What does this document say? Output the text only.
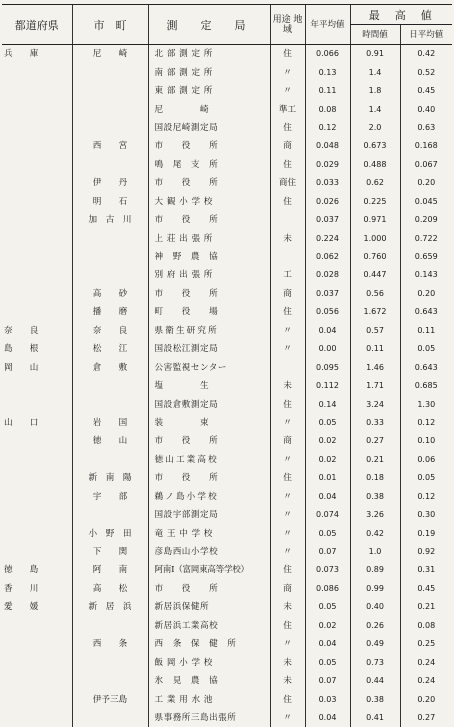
都道府県	市　町	測　定　局	用途 地域	年平均値	最　高　値	
					時間値	日平均値
兵　　庫	尼　　崎	北 部 測 定 所	住	0.066	0.91	0.42
		南 部 測 定 所	〃	0.13	1.4	0.52
		東 部 測 定 所	〃	0.11	1.8	0.45
		尼　　　　崎	準工	0.08	1.4	0.40
		国設尼崎測定局	住	0.12	2.0	0.63
	西　　宮	市　　役　　所	商	0.048	0.673	0.168
		鳴　尾　支　所	住	0.029	0.488	0.067
	伊　　丹	市　　役　　所	商住	0.033	0.62	0.20
	明　　石	大 観 小 学 校	住	0.026	0.225	0.045
	加　古　川	市　　役　　所		0.037	0.971	0.209
		上 荘 出 張 所	未	0.224	1.000	0.722
		神　野　農　協		0.062	0.760	0.659
		別 府 出 張 所	工	0.028	0.447	0.143
	高　　砂	市　　役　　所	商	0.037	0.56	0.20
	播　　磨	町　　役　　場	住	0.056	1.672	0.643
奈　　良	奈　　良	県 衛 生 研 究 所	〃	0.04	0.57	0.11
島　　根	松　　江	国設松江測定局	〃	0.00	0.11	0.05
岡　　山	倉　　敷	公害監視センター		0.095	1.46	0.643
		塩　　　　生	未	0.112	1.71	0.685
		国設倉敷測定局	住	0.14	3.24	1.30
山　　口	岩　　国	装　　　　束	〃	0.05	0.33	0.12
	徳　　山	市　　役　　所	商	0.02	0.27	0.10
		徳 山 工 業 高 校	〃	0.02	0.21	0.06
	新　南　陽	市　　役　　所	住	0.01	0.18	0.05
	宇　　部	鵜 ノ 島 小 学 校	〃	0.04	0.38	0.12
		国設宇部測定局	〃	0.074	3.26	0.30
	小　野　田	竜 王 中 学 校	〃	0.05	0.42	0.19
	下　　関	彦島西山小学校	〃	0.07	1.0	0.92
徳　　島	阿　　南	阿南Ⅰ（富岡東高等学校）	住	0.073	0.89	0.31
香　　川	高　　松	市　　役　　所	商	0.086	0.99	0.45
愛　　媛	新　居　浜	新居浜保健所	未	0.05	0.40	0.21
		新居浜工業高校	住	0.02	0.26	0.08
	西　　条	西　条　保　健　所	〃	0.04	0.49	0.25
		飯 岡 小 学 校	未	0.05	0.73	0.24
		氷　見　農　協	未	0.07	0.44	0.24
	伊予三島	工 業 用 水 池	住	0.03	0.38	0.20
		県事務所三島出張所	〃	0.04	0.41	0.27
